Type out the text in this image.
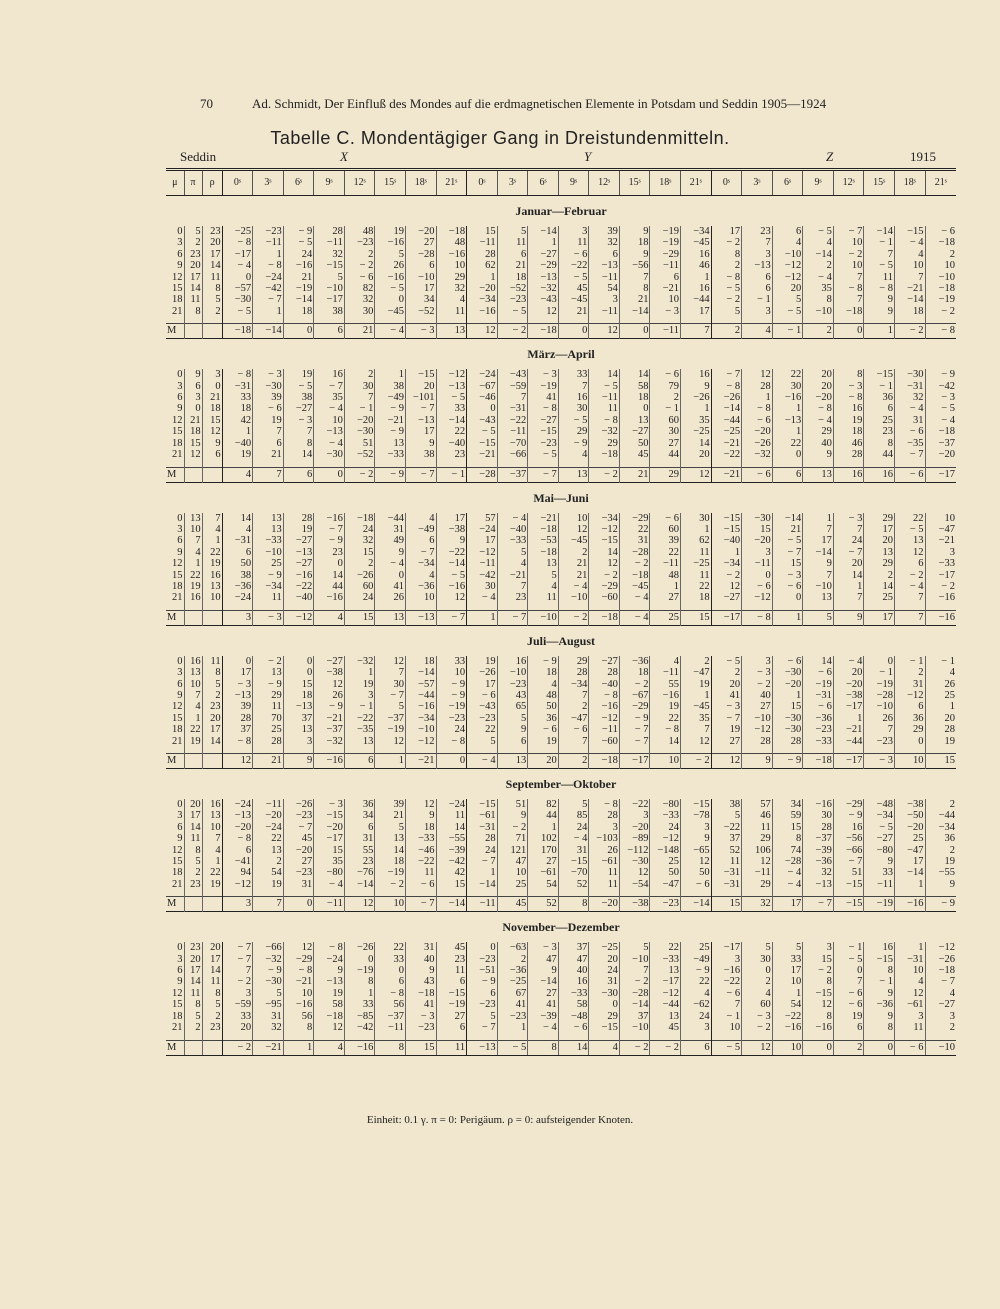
70	Ad. Schmidt, Der Einfluß des Mondes auf die erdmagnetischen Elemente in Potsdam und Seddin 1905—1924
Tabelle C. Mondentägiger Gang in Dreistundenmitteln.
Seddin	X	Y	Z	1915
μ	π	ρ	0ˢ	3ˢ	6ˢ	9ˢ	12ˢ	15ˢ	18ˢ	21ˢ	0ˢ	3ˢ	6ˢ	9ˢ	12ˢ	15ˢ	18ˢ	21ˢ	0ˢ	3ˢ	6ˢ	9ˢ	12ˢ	15ˢ	18ˢ	21ˢ
Januar—Februar																										
0	5	23	−25	−23	− 9	28	48	19	−20	−18	15	5	−14	3	39	9	−19	−34	17	23	6	− 5	− 7	−14	−15	− 6
3	2	20	− 8	−11	− 5	−11	−23	−16	27	48	−11	11	1	11	32	18	−19	−45	− 2	7	4	4	10	− 1	− 4	−18
6	23	17	−17	1	24	32	2	5	−28	−16	28	6	−27	− 6	6	9	−29	16	8	3	−10	−14	− 2	7	4	2
9	20	14	− 4	− 8	−16	−15	− 2	26	6	10	62	21	−29	−22	−13	−56	−11	46	2	−13	−12	2	10	− 5	10	10
12	17	11	0	−24	21	5	− 6	−16	−10	29	1	18	−13	− 5	−11	7	6	1	− 8	6	−12	− 4	7	11	7	−10
15	14	8	−57	−42	−19	−10	82	− 5	17	32	−20	−52	−32	45	54	8	−21	16	− 5	6	20	35	− 8	− 8	−21	−18
18	11	5	−30	− 7	−14	−17	32	0	34	4	−34	−23	−43	−45	3	21	10	−44	− 2	− 1	5	8	7	9	−14	−19
21	8	2	− 5	1	18	38	30	−45	−52	11	−16	− 5	12	21	−11	−14	− 3	17	5	3	− 5	−10	−18	9	18	− 2

M			−18	−14	0	6	21	− 4	− 3	13	12	− 2	−18	0	12	0	−11	7	2	4	− 1	2	0	1	− 2	− 8
März—April																										
0	9	3	− 8	− 3	19	16	2	1	−15	−12	−24	−43	− 3	33	14	14	− 6	16	− 7	12	22	20	8	−15	−30	− 9
3	6	0	−31	−30	− 5	− 7	30	38	20	−13	−67	−59	−19	7	− 5	58	79	9	− 8	28	30	20	− 3	− 1	−31	−42
6	3	21	33	39	38	35	7	−49	−101	− 5	−46	7	41	16	−11	18	2	−26	−26	1	−16	−20	− 8	36	32	− 3
9	0	18	18	− 6	−27	− 4	− 1	− 9	− 7	33	0	−31	− 8	30	11	0	− 1	1	−14	− 8	1	− 8	16	6	− 4	− 5
12	21	15	42	19	− 3	10	−20	−21	−13	−14	−43	−22	−27	− 5	− 8	13	60	35	−44	− 6	−13	− 4	19	25	31	− 4
15	18	12	1	7	7	−13	−30	− 9	17	22	− 5	−11	−15	29	−32	−27	30	−25	−25	−20	1	29	18	23	− 6	−18
18	15	9	−40	6	8	− 4	51	13	9	−40	−15	−70	−23	− 9	29	50	27	14	−21	−26	22	40	46	8	−35	−37
21	12	6	19	21	14	−30	−52	−33	38	23	−21	−66	− 5	4	−18	45	44	20	−22	−32	0	9	28	44	− 7	−20

M			4	7	6	0	− 2	− 9	− 7	− 1	−28	−37	− 7	13	− 2	21	29	12	−21	− 6	6	13	16	16	− 6	−17
Mai—Juni																										
0	13	7	14	13	28	−16	−18	−44	4	17	57	− 4	−21	10	−34	−29	− 6	30	−15	−30	−14	1	− 3	29	22	10
3	10	4	4	13	19	− 7	24	31	−49	−38	−24	−40	−18	12	−12	22	60	1	−15	15	21	7	7	17	− 5	−47
6	7	1	−31	−33	−27	− 9	32	49	6	9	17	−33	−53	−45	−15	31	39	62	−40	−20	− 5	17	24	20	13	−21
9	4	22	6	−10	−13	23	15	9	− 7	−22	−12	5	−18	2	14	−28	22	11	1	3	− 7	−14	− 7	13	12	3
12	1	19	50	25	−27	0	2	− 4	−34	−14	−11	4	13	21	12	− 2	−11	−25	−34	−11	15	9	20	29	6	−33
15	22	16	38	− 9	−16	14	−26	0	4	− 5	−42	−21	5	21	− 2	−18	48	11	− 2	0	− 3	7	14	2	− 2	−17
18	19	13	−36	−34	−22	44	60	41	−36	−16	30	7	4	− 4	−29	−45	1	22	12	− 6	− 6	−10	1	14	− 4	− 2
21	16	10	−24	11	−40	−16	24	26	10	12	− 4	23	11	−10	−60	− 4	27	18	−27	−12	0	13	7	25	7	−16

M			3	− 3	−12	4	15	13	−13	− 7	1	− 7	−10	− 2	−18	− 4	25	15	−17	− 8	1	5	9	17	7	−16
Juli—August																										
0	16	11	0	− 2	0	−27	−32	12	18	33	19	16	− 9	29	−27	−36	4	2	− 5	3	− 6	14	− 4	0	− 1	− 1
3	13	8	17	13	0	−38	1	7	−14	10	−26	−10	18	28	28	18	−11	−47	2	− 3	−30	− 6	20	− 1	2	4
6	10	5	− 3	− 9	15	12	19	30	−57	− 9	17	−23	4	−34	−40	− 2	55	19	20	− 2	−20	−19	−20	−19	31	26
9	7	2	−13	29	18	26	3	− 7	−44	− 9	− 6	43	48	7	− 8	−67	−16	1	41	40	1	−31	−38	−28	−12	25
12	4	23	39	11	−13	− 9	− 1	5	−16	−19	−43	65	50	2	−16	−29	19	−45	− 3	27	15	− 6	−17	−10	6	1
15	1	20	28	70	37	−21	−22	−37	−34	−23	−23	5	36	−47	−12	− 9	22	35	− 7	−10	−30	−36	1	26	36	20
18	22	17	37	25	13	−37	−35	−19	−10	24	22	9	− 6	− 6	−11	− 7	− 8	7	19	−12	−30	−23	−21	7	29	28
21	19	14	− 8	28	3	−32	13	12	−12	− 8	5	6	19	7	−60	− 7	14	12	27	28	28	−33	−44	−23	0	19

M			12	21	9	−16	6	1	−21	0	− 4	13	20	2	−18	−17	10	− 2	12	9	− 9	−18	−17	− 3	10	15
September—Oktober																										
0	20	16	−24	−11	−26	− 3	36	39	12	−24	−15	51	82	5	− 8	−22	−80	−15	38	57	34	−16	−29	−48	−38	2
3	17	13	−13	−20	−23	−15	34	21	9	11	−61	9	44	85	28	3	−33	−78	5	46	59	30	− 9	−34	−50	−44
6	14	10	−20	−24	− 7	−20	6	5	18	14	−31	− 2	1	24	3	−20	24	3	−22	11	15	28	16	− 5	−20	−34
9	11	7	− 8	22	45	−17	31	13	−33	−55	28	71	102	− 4	−103	−89	−12	9	37	29	8	−37	−56	−27	25	36
12	8	4	6	13	−20	15	55	14	−46	−39	24	121	170	31	26	−112	−148	−65	52	106	74	−39	−66	−80	−47	2
15	5	1	−41	2	27	35	23	18	−22	−42	− 7	47	27	−15	−61	−30	25	12	11	12	−28	−36	− 7	9	17	19
18	2	22	94	54	−23	−80	−76	−19	11	42	1	10	−61	−70	11	12	50	50	−31	−11	− 4	32	51	33	−14	−55
21	23	19	−12	19	31	− 4	−14	− 2	− 6	15	−14	25	54	52	11	−54	−47	− 6	−31	29	− 4	−13	−15	−11	1	9

M			3	7	0	−11	12	10	− 7	−14	−11	45	52	8	−20	−38	−23	−14	15	32	17	− 7	−15	−19	−16	− 9
November—Dezember																										
0	23	20	− 7	−66	12	− 8	−26	22	31	45	0	−63	− 3	37	−25	5	22	25	−17	5	5	3	− 1	16	1	−12
3	20	17	− 7	−32	−29	−24	0	33	40	23	−23	2	47	47	20	−10	−33	−49	3	30	33	15	− 5	−15	−31	−26
6	17	14	7	− 9	− 8	9	−19	0	9	11	−51	−36	9	40	24	7	13	− 9	−16	0	17	− 2	0	8	10	−18
9	14	11	− 2	−30	−21	−13	8	6	43	6	− 9	−25	−14	16	31	− 2	−17	22	−22	2	10	8	7	− 1	4	− 7
12	11	8	3	5	10	19	1	− 8	−18	−15	6	67	27	−33	−30	−28	−12	4	− 6	4	1	−15	− 6	9	12	4
15	8	5	−59	−95	−16	58	33	56	41	−19	−23	41	41	58	0	−14	−44	−62	7	60	54	12	− 6	−36	−61	−27
18	5	2	33	31	56	−18	−85	−37	− 3	27	5	−23	−39	−48	29	37	13	24	− 1	− 3	−22	8	19	9	3	3
21	2	23	20	32	8	12	−42	−11	−23	6	− 7	1	− 4	− 6	−15	−10	45	3	10	− 2	−16	−16	6	8	11	2

M			− 2	−21	1	4	−16	8	15	11	−13	− 5	8	14	4	− 2	− 2	6	− 5	12	10	0	2	0	− 6	−10
Einheit: 0.1 γ. π = 0: Perigäum. ρ = 0: aufsteigender Knoten.
